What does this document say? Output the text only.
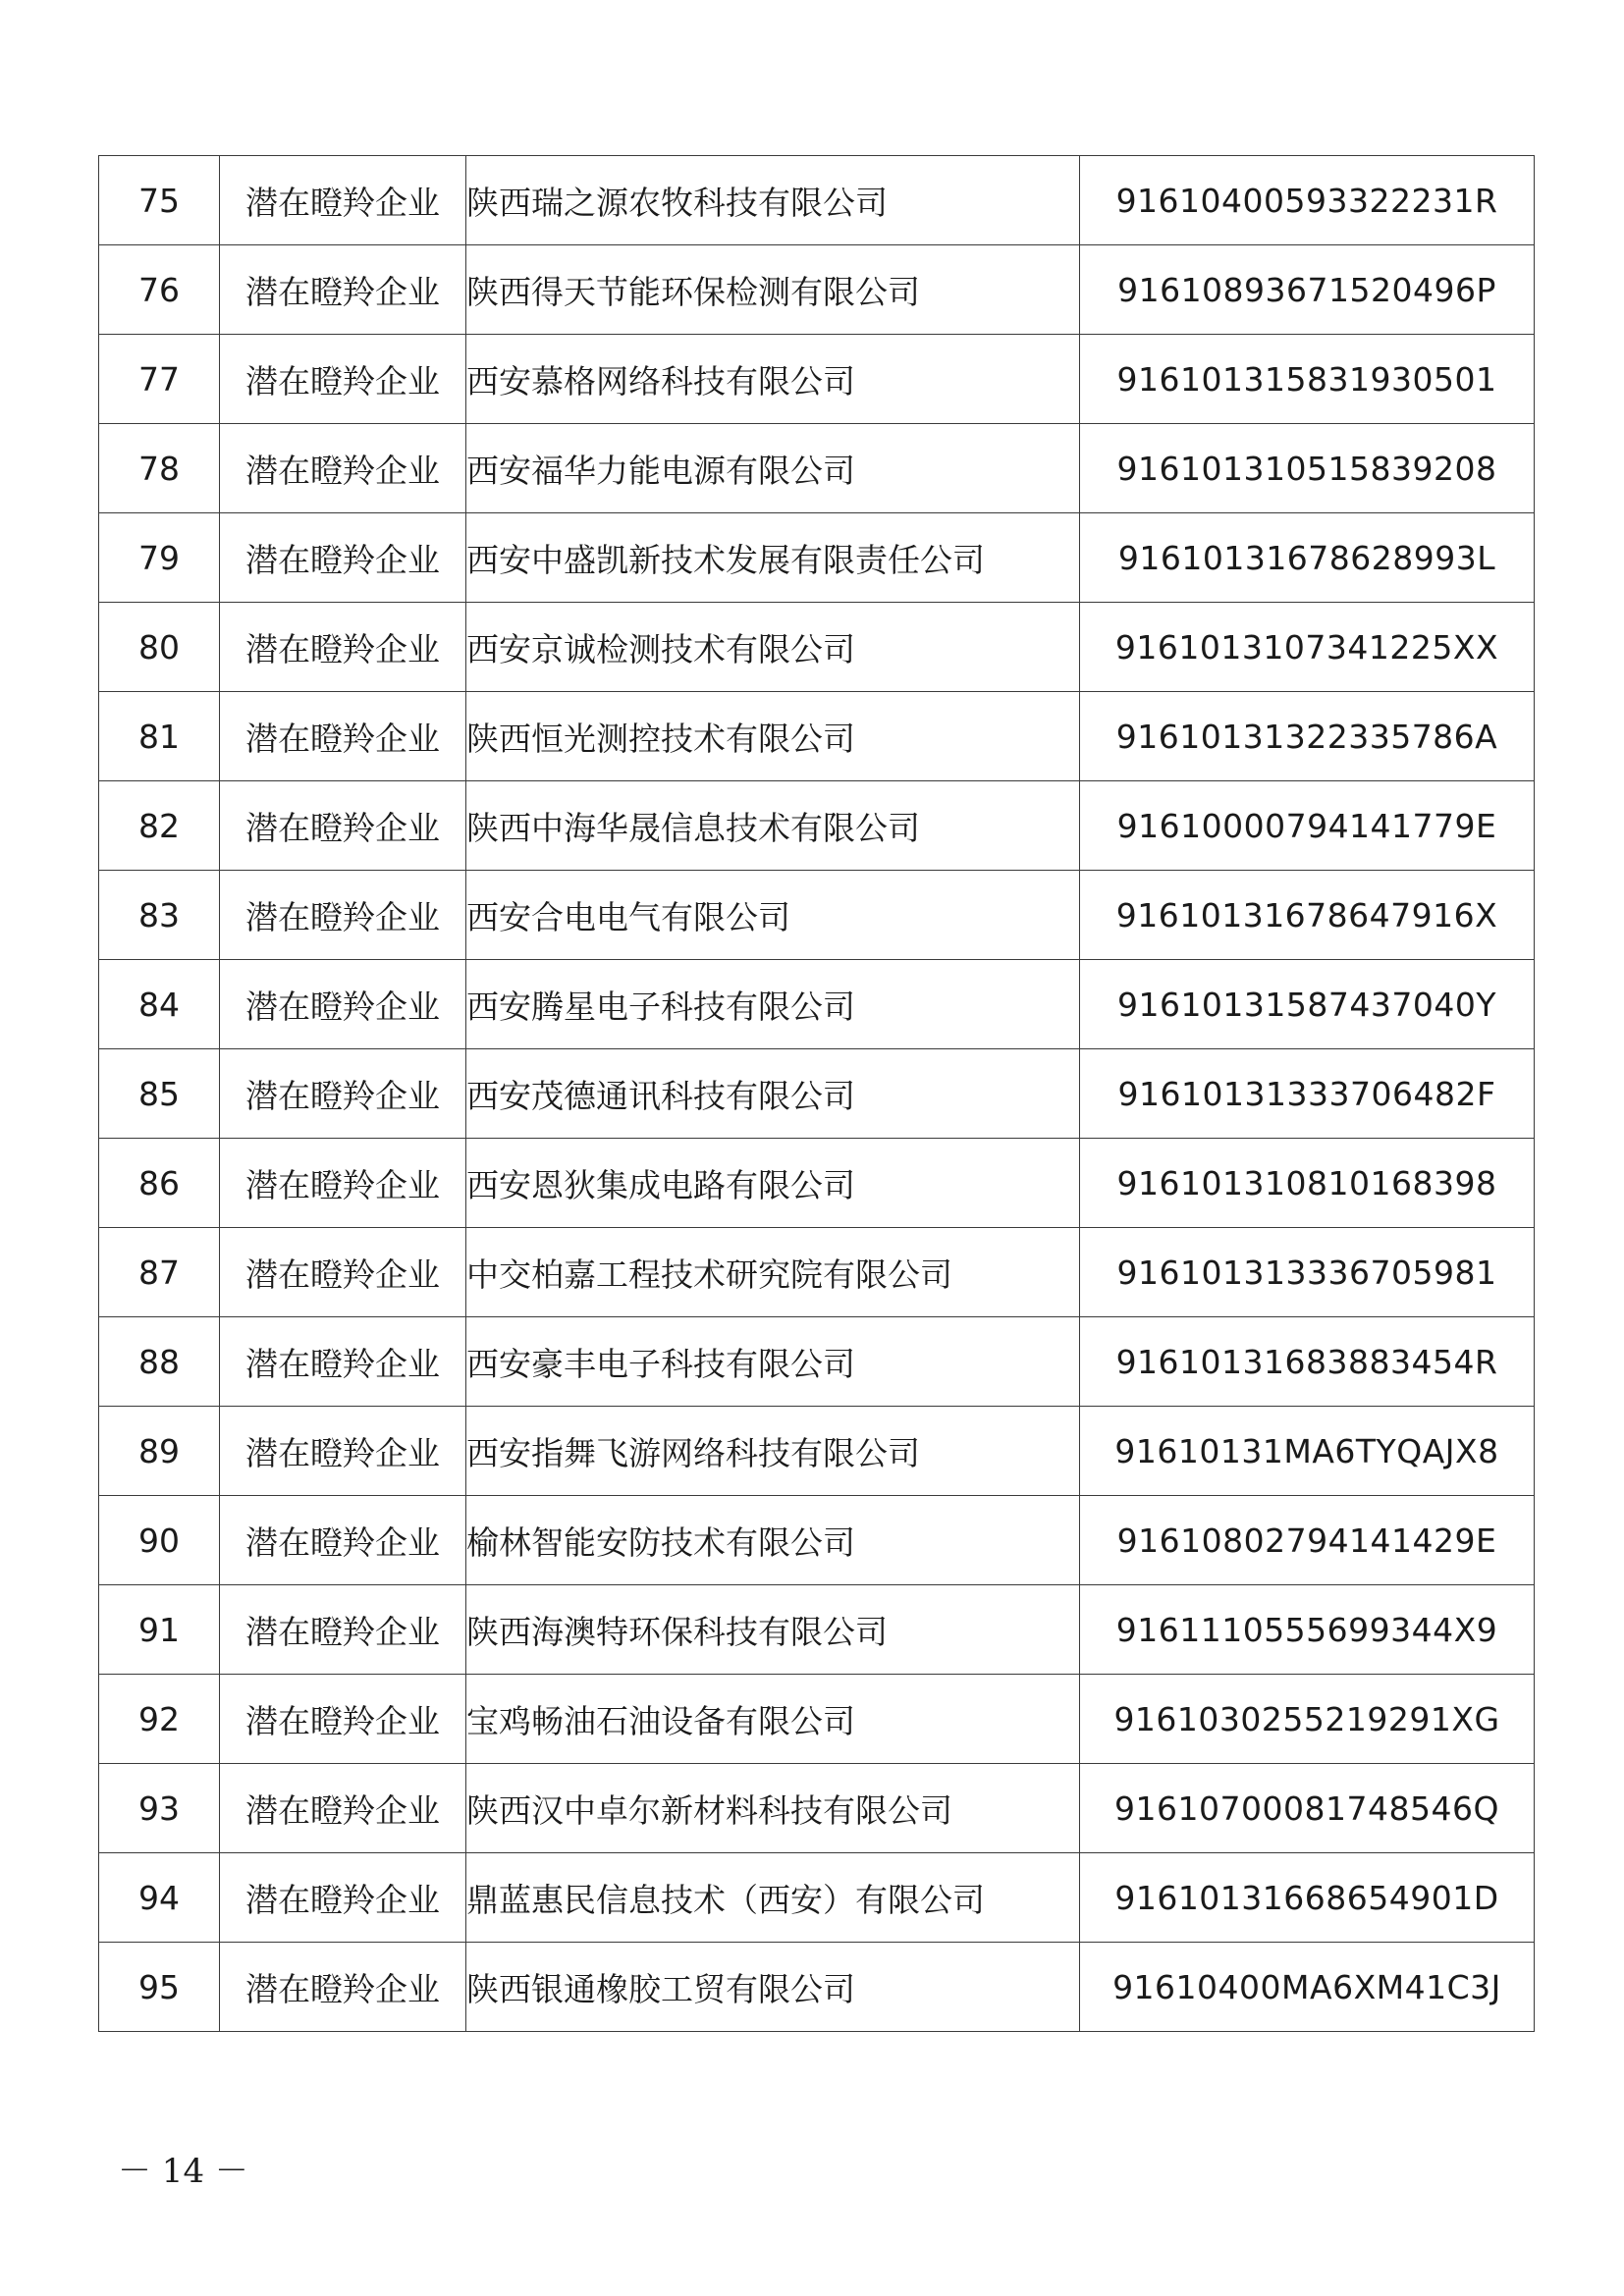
75	潜在瞪羚企业	陕西瑞之源农牧科技有限公司	91610400593322231R
76	潜在瞪羚企业	陕西得天节能环保检测有限公司	91610893671520496P
77	潜在瞪羚企业	西安慕格网络科技有限公司	916101315831930501
78	潜在瞪羚企业	西安福华力能电源有限公司	916101310515839208
79	潜在瞪羚企业	西安中盛凯新技术发展有限责任公司	91610131678628993L
80	潜在瞪羚企业	西安京诚检测技术有限公司	9161013107341225XX
81	潜在瞪羚企业	陕西恒光测控技术有限公司	91610131322335786A
82	潜在瞪羚企业	陕西中海华晟信息技术有限公司	91610000794141779E
83	潜在瞪羚企业	西安合电电气有限公司	91610131678647916X
84	潜在瞪羚企业	西安腾星电子科技有限公司	91610131587437040Y
85	潜在瞪羚企业	西安茂德通讯科技有限公司	91610131333706482F
86	潜在瞪羚企业	西安恩狄集成电路有限公司	916101310810168398
87	潜在瞪羚企业	中交柏嘉工程技术研究院有限公司	916101313336705981
88	潜在瞪羚企业	西安豪丰电子科技有限公司	91610131683883454R
89	潜在瞪羚企业	西安指舞飞游网络科技有限公司	91610131MA6TYQAJX8
90	潜在瞪羚企业	榆林智能安防技术有限公司	91610802794141429E
91	潜在瞪羚企业	陕西海澳特环保科技有限公司	9161110555699344X9
92	潜在瞪羚企业	宝鸡畅油石油设备有限公司	9161030255219291XG
93	潜在瞪羚企业	陕西汉中卓尔新材料科技有限公司	91610700081748546Q
94	潜在瞪羚企业	鼎蓝惠民信息技术（西安）有限公司	91610131668654901D
95	潜在瞪羚企业	陕西银通橡胶工贸有限公司	91610400MA6XM41C3J
－ 14 －
